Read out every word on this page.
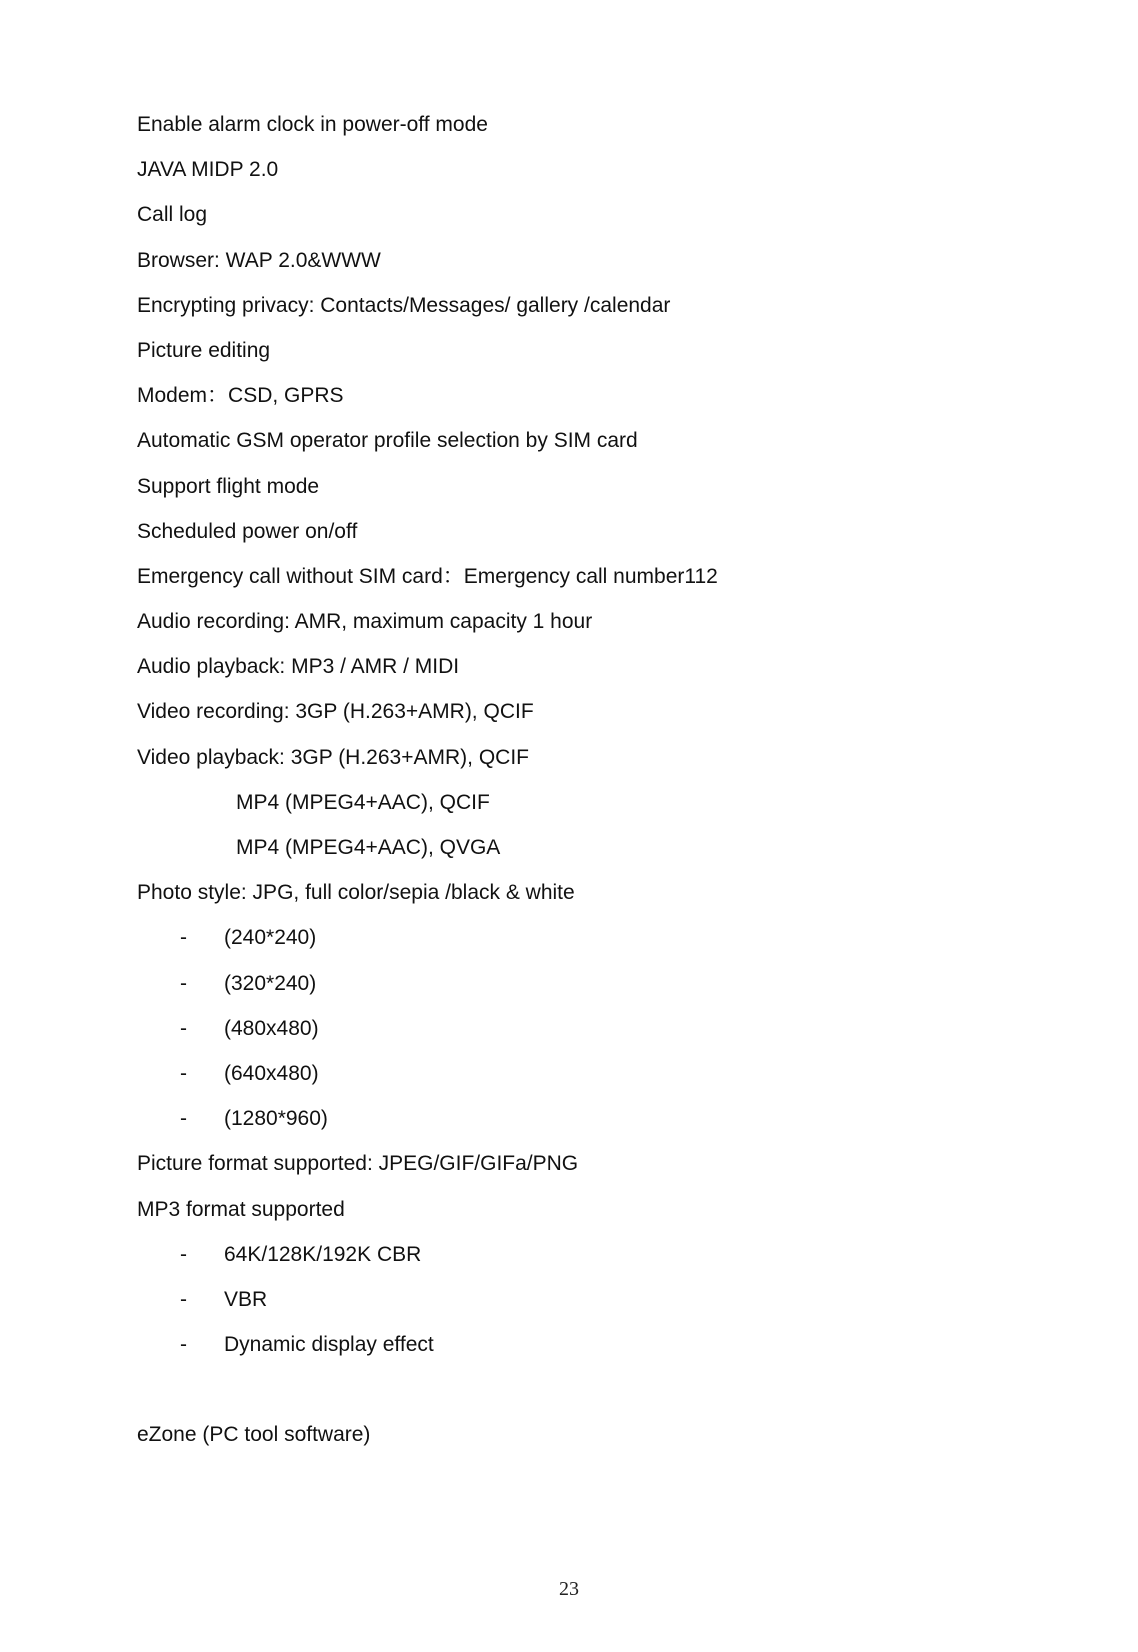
Enable alarm clock in power-off mode
JAVA MIDP 2.0
Call log
Browser: WAP 2.0&WWW
Encrypting privacy: Contacts/Messages/ gallery /calendar
Picture editing
Modem：CSD, GPRS
Automatic GSM operator profile selection by SIM card
Support flight mode
Scheduled power on/off
Emergency call without SIM card：Emergency call number112
Audio recording: AMR, maximum capacity 1 hour
Audio playback: MP3 / AMR / MIDI
Video recording: 3GP (H.263+AMR), QCIF
Video playback: 3GP (H.263+AMR), QCIF
MP4 (MPEG4+AAC), QCIF
MP4 (MPEG4+AAC), QVGA
Photo style: JPG, full color/sepia /black & white
-	(240*240)
-	(320*240)
-	(480x480)
-	(640x480)
-	(1280*960)
Picture format supported: JPEG/GIF/GIFa/PNG
MP3 format supported
-	64K/128K/192K CBR
-	VBR
-	Dynamic display effect
eZone (PC tool software)
23
